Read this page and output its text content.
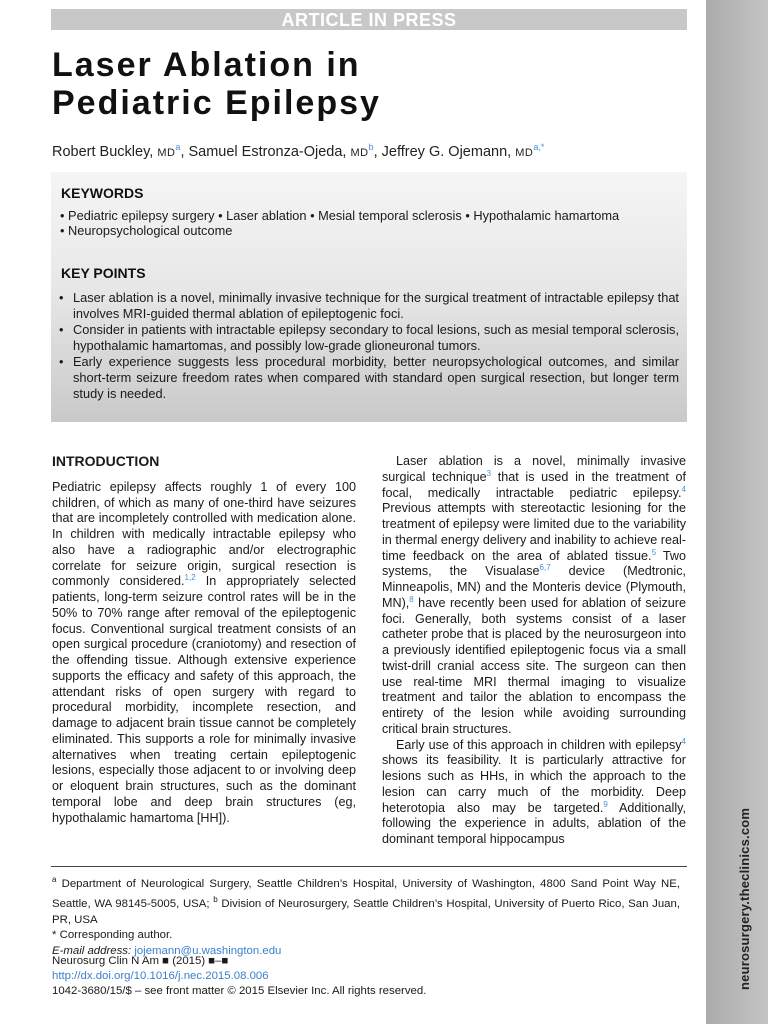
ARTICLE IN PRESS
Laser Ablation in
Pediatric Epilepsy
Robert Buckley, $MD^a$, Samuel Estronza-Ojeda, $MD^b$, Jeffrey G. Ojemann, $MD^{a,*}$
KEYWORDS
• Pediatric epilepsy surgery • Laser ablation • Mesial temporal sclerosis • Hypothalamic hamartoma
• Neuropsychological outcome
KEY POINTS
• Laser ablation is a novel, minimally invasive technique for the surgical treatment of intractable epilepsy that involves MRI-guided thermal ablation of epileptogenic foci.
• Consider in patients with intractable epilepsy secondary to focal lesions, such as mesial temporal sclerosis, hypothalamic hamartomas, and possibly low-grade glioneuronal tumors.
• Early experience suggests less procedural morbidity, better neuropsychological outcomes, and similar short-term seizure freedom rates when compared with standard open surgical resection, but longer term study is needed.
INTRODUCTION

Pediatric epilepsy affects roughly 1 of every 100 children, of which as many of one-third have seizures that are incompletely controlled with medication alone. In children with medically intractable epilepsy who also have a radiographic and/or electrographic correlate for seizure origin, surgical resection is commonly considered.$^{1,2}$ In appropriately selected patients, long-term seizure control rates will be in the 50% to 70% range after removal of the epileptogenic focus. Conventional surgical treatment consists of an open surgical procedure (craniotomy) and resection of the offending tissue. Although extensive experience supports the efficacy and safety of this approach, the attendant risks of open surgery with regard to procedural morbidity, incomplete resection, and damage to adjacent brain tissue cannot be completely eliminated. This supports a role for minimally invasive alternatives when treating certain epileptogenic lesions, especially those adjacent to or involving deep or eloquent brain structures, such as the dominant temporal lobe and deep brain structures (eg, hypothalamic hamartoma [HH]).

Laser ablation is a novel, minimally invasive surgical technique$^3$ that is used in the treatment of focal, medically intractable pediatric epilepsy.$^4$ Previous attempts with stereotactic lesioning for the treatment of epilepsy were limited due to the variability in thermal energy delivery and inability to achieve real-time feedback on the area of ablated tissue.$^5$ Two systems, the Visualase$^{6,7}$ device (Medtronic, Minneapolis, MN) and the Monteris device (Plymouth, MN),$^8$ have recently been used for ablation of seizure foci. Generally, both systems consist of a laser catheter probe that is placed by the neurosurgeon into a previously identified epileptogenic focus via a small twist-drill cranial access site. The surgeon can then use real-time MRI thermal imaging to visualize treatment and tailor the ablation to encompass the entirety of the lesion while avoiding surrounding critical brain structures.

Early use of this approach in children with epilepsy$^4$ shows its feasibility. It is particularly attractive for lesions such as HHs, in which the approach to the lesion can carry much of the morbidity. Deep heterotopia also may be targeted.$^9$ Additionally, following the experience in adults, ablation of the dominant temporal hippocampus

$^a$ Department of Neurological Surgery, Seattle Children’s Hospital, University of Washington, 4800 Sand Point Way NE, Seattle, WA 98145-5005, USA; $^b$ Division of Neurosurgery, Seattle Children’s Hospital, University of Puerto Rico, San Juan, PR, USA

* Corresponding author.

E-mail address: jojemann@u.washington.edu

Neurosurg Clin N Am ■ (2015) ■–■
http://dx.doi.org/10.1016/j.nec.2015.08.006
1042-3680/15/$ – see front matter © 2015 Elsevier Inc. All rights reserved.
neurosurgery.theclinics.com
